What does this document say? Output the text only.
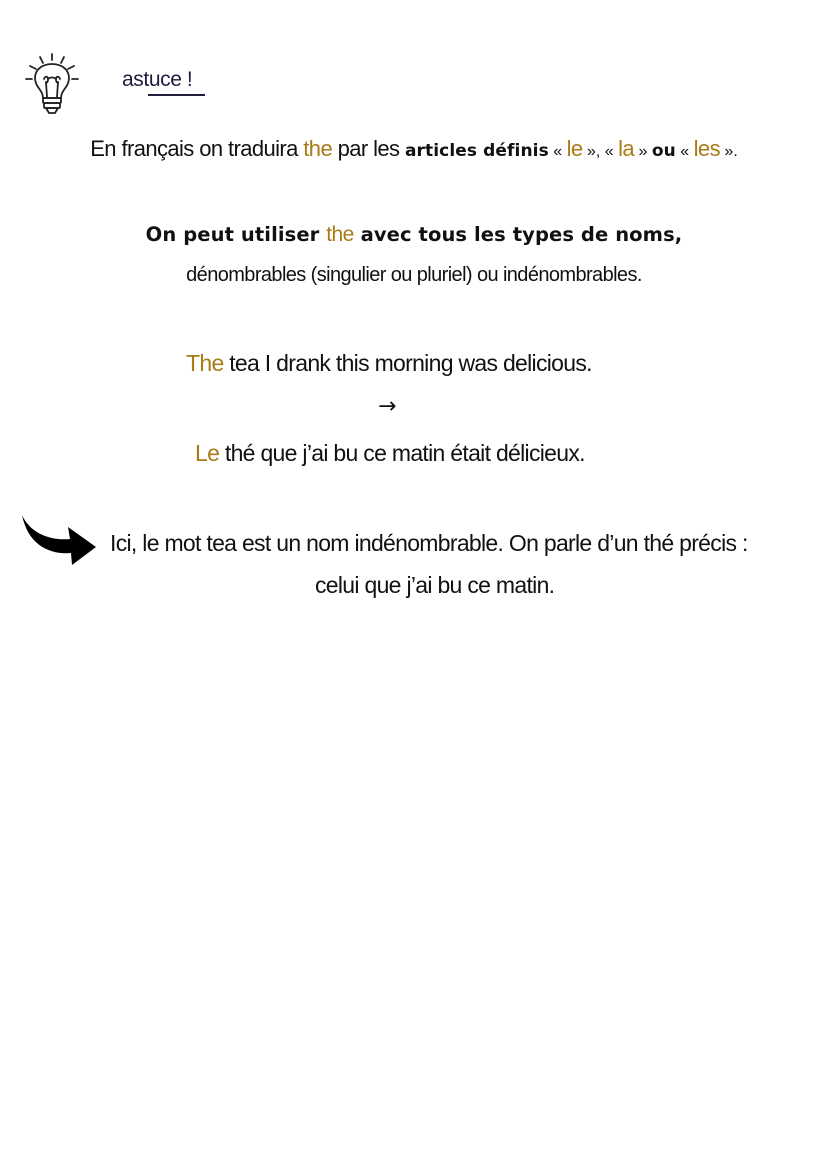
astuce !
En français on traduira the par les articles définis « le », « la » ou « les ».
On peut utiliser the avec tous les types de noms,
dénombrables (singulier ou pluriel) ou indénombrables.
The tea I drank this morning was delicious.
→
Le thé que j’ai bu ce matin était délicieux.
Ici, le mot tea est un nom indénombrable. On parle d’un thé précis :
celui que j’ai bu ce matin.
